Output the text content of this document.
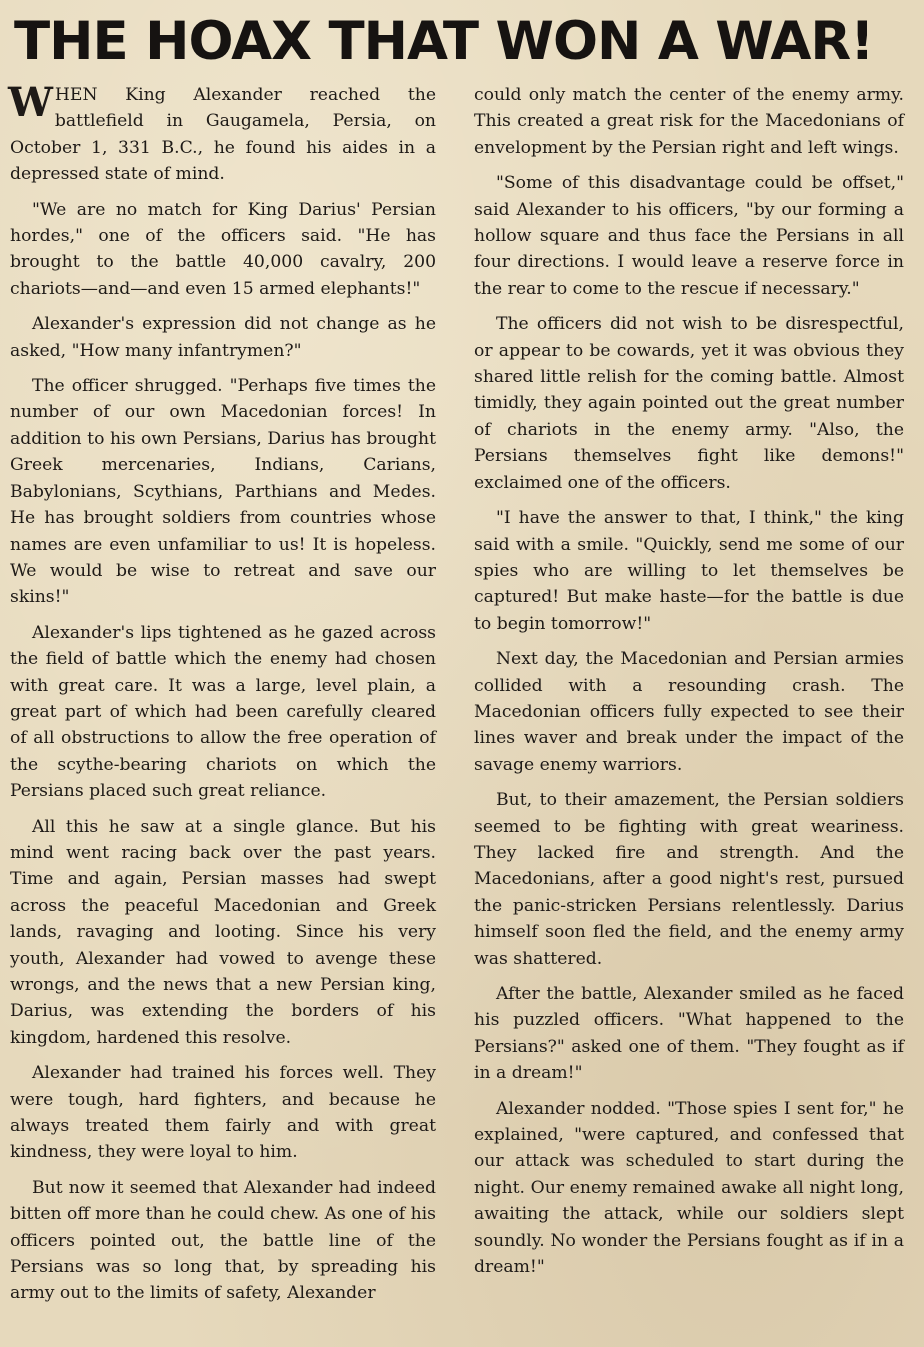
THE HOAX THAT WON A WAR!

WHEN King Alexander reached the battlefield in Gaugamela, Persia, on October 1, 331 B.C., he found his aides in a depressed state of mind.

"We are no match for King Darius' Persian hordes," one of the officers said. "He has brought to the battle 40,000 cavalry, 200 chariots—and—and even 15 armed elephants!"

Alexander's expression did not change as he asked, "How many infantrymen?"

The officer shrugged. "Perhaps five times the number of our own Macedonian forces! In addition to his own Persians, Darius has brought Greek mercenaries, Indians, Carians, Babylonians, Scythians, Parthians and Medes. He has brought soldiers from countries whose names are even unfamiliar to us! It is hopeless. We would be wise to retreat and save our skins!"

Alexander's lips tightened as he gazed across the field of battle which the enemy had chosen with great care. It was a large, level plain, a great part of which had been carefully cleared of all obstructions to allow the free operation of the scythe-bearing chariots on which the Persians placed such great reliance.

All this he saw at a single glance. But his mind went racing back over the past years. Time and again, Persian masses had swept across the peaceful Macedonian and Greek lands, ravaging and looting. Since his very youth, Alexander had vowed to avenge these wrongs, and the news that a new Persian king, Darius, was extending the borders of his kingdom, hardened this resolve.

Alexander had trained his forces well. They were tough, hard fighters, and because he always treated them fairly and with great kindness, they were loyal to him.

But now it seemed that Alexander had indeed bitten off more than he could chew. As one of his officers pointed out, the battle line of the Persians was so long that, by spreading his army out to the limits of safety, Alexander

could only match the center of the enemy army. This created a great risk for the Macedonians of envelopment by the Persian right and left wings.

"Some of this disadvantage could be offset," said Alexander to his officers, "by our forming a hollow square and thus face the Persians in all four directions. I would leave a reserve force in the rear to come to the rescue if necessary."

The officers did not wish to be disrespectful, or appear to be cowards, yet it was obvious they shared little relish for the coming battle. Almost timidly, they again pointed out the great number of chariots in the enemy army. "Also, the Persians themselves fight like demons!" exclaimed one of the officers.

"I have the answer to that, I think," the king said with a smile. "Quickly, send me some of our spies who are willing to let themselves be captured! But make haste—for the battle is due to begin tomorrow!"

Next day, the Macedonian and Persian armies collided with a resounding crash. The Macedonian officers fully expected to see their lines waver and break under the impact of the savage enemy warriors.

But, to their amazement, the Persian soldiers seemed to be fighting with great weariness. They lacked fire and strength. And the Macedonians, after a good night's rest, pursued the panic-stricken Persians relentlessly. Darius himself soon fled the field, and the enemy army was shattered.

After the battle, Alexander smiled as he faced his puzzled officers. "What happened to the Persians?" asked one of them. "They fought as if in a dream!"

Alexander nodded. "Those spies I sent for," he explained, "were captured, and confessed that our attack was scheduled to start during the night. Our enemy remained awake all night long, awaiting the attack, while our soldiers slept soundly. No wonder the Persians fought as if in a dream!"
